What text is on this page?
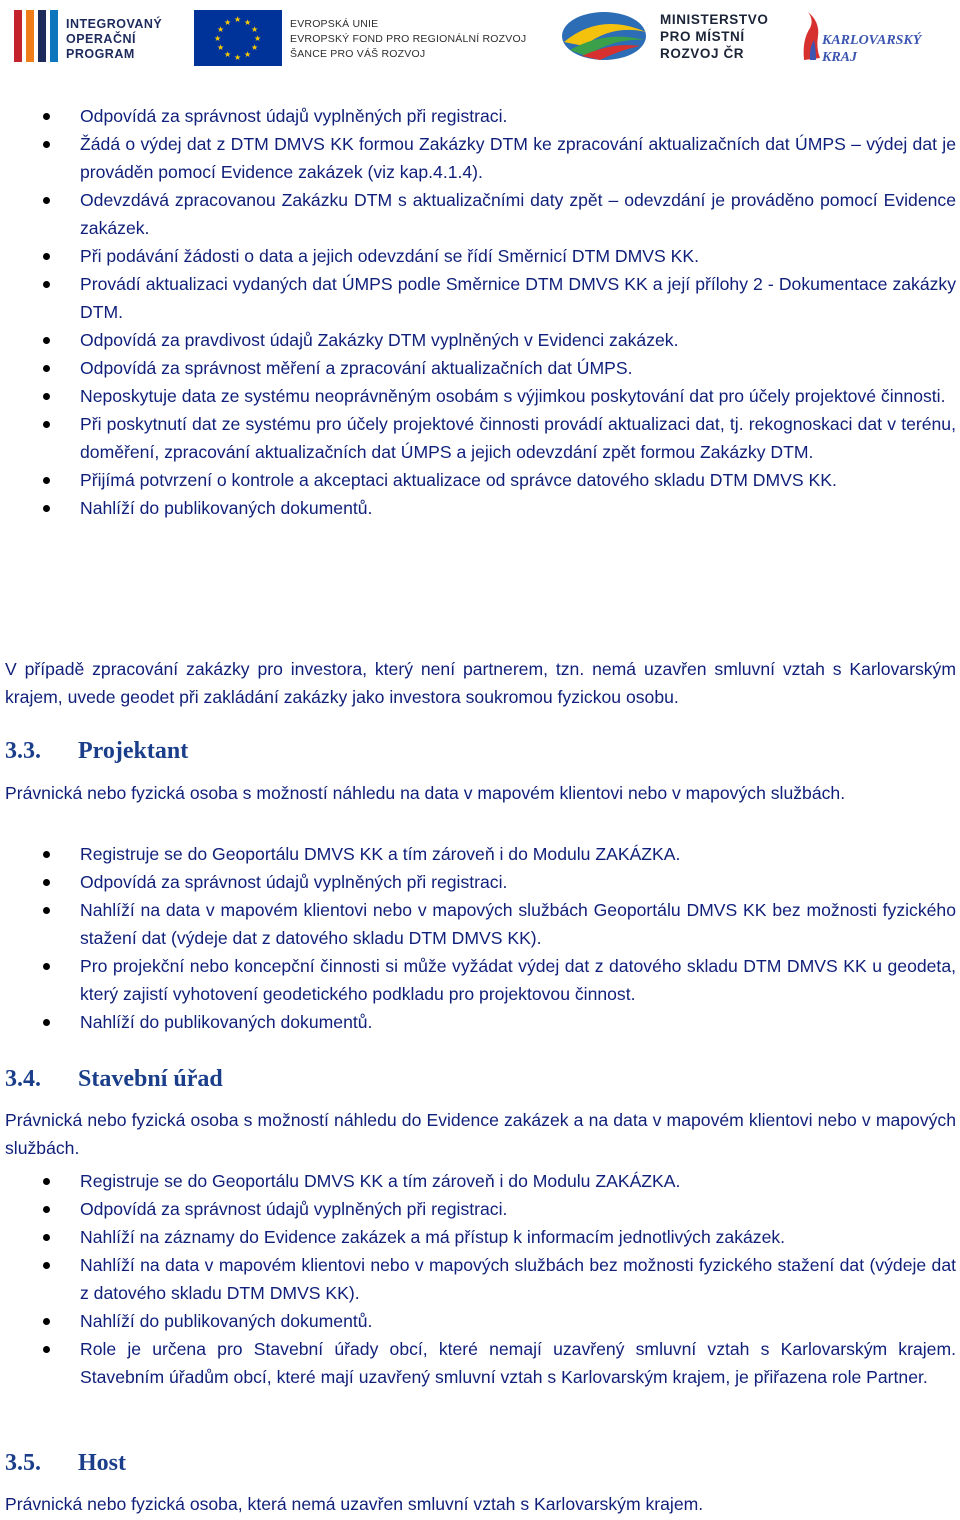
INTEGROVANÝ
OPERAČNÍ
PROGRAM
★ ★
★
★
★
★
★
★
★
★
★
★	EVROPSKÁ UNIE
EVROPSKÝ FOND PRO REGIONÁLNÍ ROZVOJ
ŠANCE PRO VÁŠ ROZVOJ
MINISTERSTVO
PRO MÍSTNÍ
ROZVOJ ČR
KARLOVARSKÝ
KRAJ
Odpovídá za správnost údajů vyplněných při registraci.
Žádá o výdej dat z DTM DMVS KK formou Zakázky DTM ke zpracování aktualizačních dat ÚMPS – výdej dat je prováděn pomocí Evidence zakázek (viz kap.4.1.4).
Odevzdává zpracovanou Zakázku DTM s aktualizačními daty zpět – odevzdání je prováděno pomocí Evidence zakázek.
Při podávání žádosti o data a jejich odevzdání se řídí Směrnicí DTM DMVS KK.
Provádí aktualizaci vydaných dat ÚMPS podle Směrnice DTM DMVS KK a její přílohy 2 - Dokumentace zakázky DTM.
Odpovídá za pravdivost údajů Zakázky DTM vyplněných v Evidenci zakázek.
Odpovídá za správnost měření a zpracování aktualizačních dat ÚMPS.
Neposkytuje data ze systému neoprávněným osobám s výjimkou poskytování dat pro účely projektové činnosti.
Při poskytnutí dat ze systému pro účely projektové činnosti provádí aktualizaci dat, tj. rekognoskaci dat v terénu, doměření, zpracování aktualizačních dat ÚMPS a jejich odevzdání zpět formou Zakázky DTM.
Přijímá potvrzení o kontrole a akceptaci aktualizace od správce datového skladu DTM DMVS KK.
Nahlíží do publikovaných dokumentů.

V případě zpracování zakázky pro investora, který není partnerem, tzn. nemá uzavřen smluvní vztah s Karlovarským krajem, uvede geodet při zakládání zakázky jako investora soukromou fyzickou osobu.

3.3. Projektant

Právnická nebo fyzická osoba s možností náhledu na data v mapovém klientovi nebo v mapových službách.

Registruje se do Geoportálu DMVS KK a tím zároveň i do Modulu ZAKÁZKA.
Odpovídá za správnost údajů vyplněných při registraci.
Nahlíží na data v mapovém klientovi nebo v mapových službách Geoportálu DMVS KK bez možnosti fyzického stažení dat (výdeje dat z datového skladu DTM DMVS KK).
Pro projekční nebo koncepční činnosti si může vyžádat výdej dat z datového skladu DTM DMVS KK u geodeta, který zajistí vyhotovení geodetického podkladu pro projektovou činnost.
Nahlíží do publikovaných dokumentů.
3.4. Stavební úřad

Právnická nebo fyzická osoba s možností náhledu do Evidence zakázek a na data v mapovém klientovi nebo v mapových službách.

Registruje se do Geoportálu DMVS KK a tím zároveň i do Modulu ZAKÁZKA.
Odpovídá za správnost údajů vyplněných při registraci.
Nahlíží na záznamy do Evidence zakázek a má přístup k informacím jednotlivých zakázek.
Nahlíží na data v mapovém klientovi nebo v mapových službách bez možnosti fyzického stažení dat (výdeje dat z datového skladu DTM DMVS KK).
Nahlíží do publikovaných dokumentů.
Role je určena pro Stavební úřady obcí, které nemají uzavřený smluvní vztah s Karlovarským krajem. Stavebním úřadům obcí, které mají uzavřený smluvní vztah s Karlovarským krajem, je přiřazena role Partner.
3.5. Host

Právnická nebo fyzická osoba, která nemá uzavřen smluvní vztah s Karlovarským krajem.
